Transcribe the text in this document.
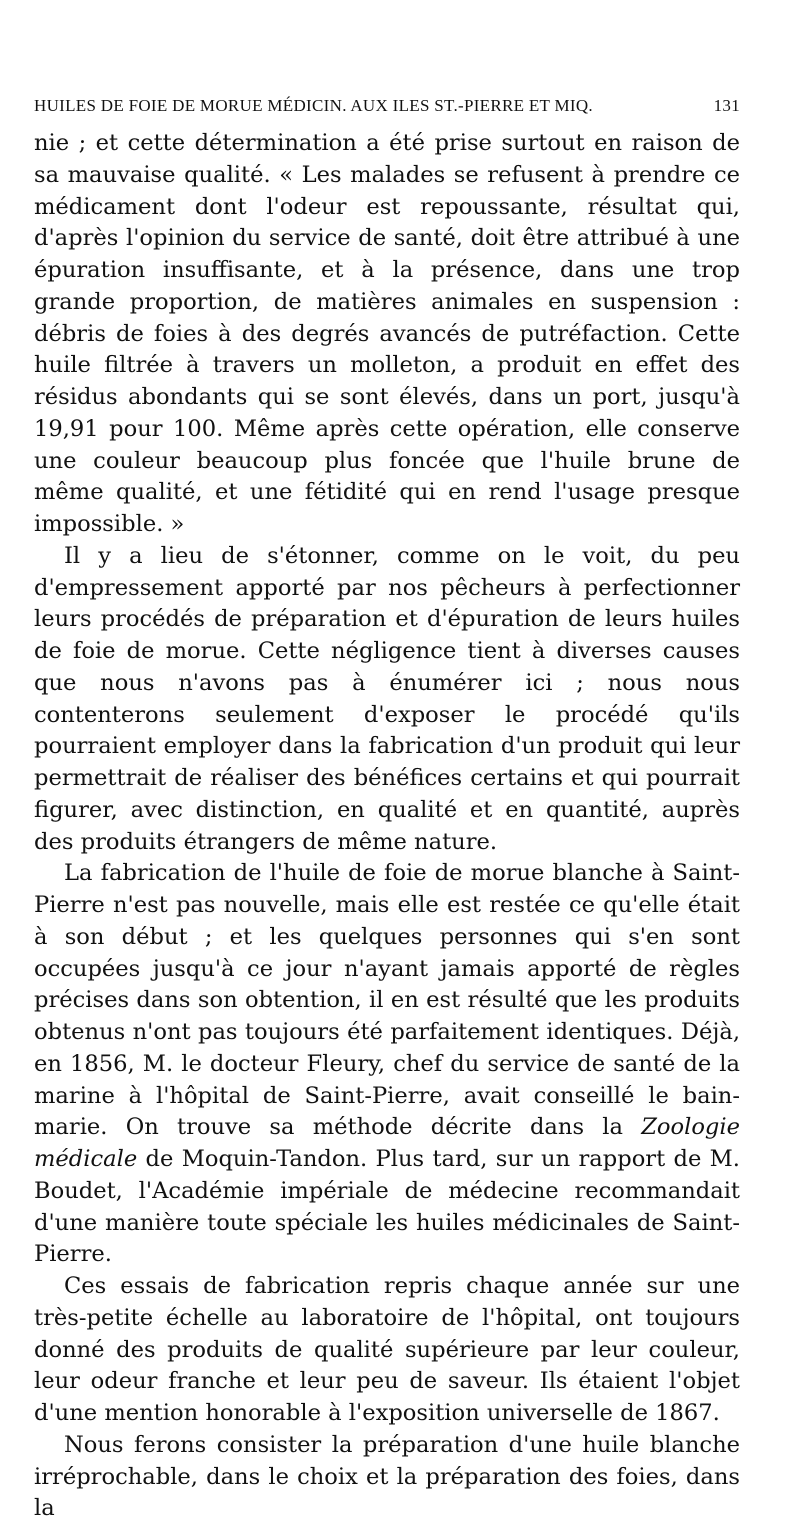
HUILES DE FOIE DE MORUE MÉDICIN. AUX ILES ST.-PIERRE ET MIQ.	131

nie ; et cette détermination a été prise surtout en raison de sa mauvaise qualité. « Les malades se refusent à prendre ce médicament dont l'odeur est repoussante, résultat qui, d'après l'opinion du service de santé, doit être attribué à une épuration insuffisante, et à la présence, dans une trop grande proportion, de matières animales en suspension : débris de foies à des degrés avancés de putréfaction. Cette huile filtrée à travers un molleton, a produit en effet des résidus abondants qui se sont élevés, dans un port, jusqu'à 19,91 pour 100. Même après cette opération, elle conserve une couleur beaucoup plus foncée que l'huile brune de même qualité, et une fétidité qui en rend l'usage presque impossible. »

Il y a lieu de s'étonner, comme on le voit, du peu d'empressement apporté par nos pêcheurs à perfectionner leurs procédés de préparation et d'épuration de leurs huiles de foie de morue. Cette négligence tient à diverses causes que nous n'avons pas à énumérer ici ; nous nous contenterons seulement d'exposer le procédé qu'ils pourraient employer dans la fabrication d'un produit qui leur permettrait de réaliser des bénéfices certains et qui pourrait figurer, avec distinction, en qualité et en quantité, auprès des produits étrangers de même nature.

La fabrication de l'huile de foie de morue blanche à Saint-Pierre n'est pas nouvelle, mais elle est restée ce qu'elle était à son début ; et les quelques personnes qui s'en sont occupées jusqu'à ce jour n'ayant jamais apporté de règles précises dans son obtention, il en est résulté que les produits obtenus n'ont pas toujours été parfaitement identiques. Déjà, en 1856, M. le docteur Fleury, chef du service de santé de la marine à l'hôpital de Saint-Pierre, avait conseillé le bain-marie. On trouve sa méthode décrite dans la Zoologie médicale de Moquin-Tandon. Plus tard, sur un rapport de M. Boudet, l'Académie impériale de médecine recommandait d'une manière toute spéciale les huiles médicinales de Saint-Pierre.

Ces essais de fabrication repris chaque année sur une très-petite échelle au laboratoire de l'hôpital, ont toujours donné des produits de qualité supérieure par leur couleur, leur odeur franche et leur peu de saveur. Ils étaient l'objet d'une mention honorable à l'exposition universelle de 1867.

Nous ferons consister la préparation d'une huile blanche irréprochable, dans le choix et la préparation des foies, dans la
